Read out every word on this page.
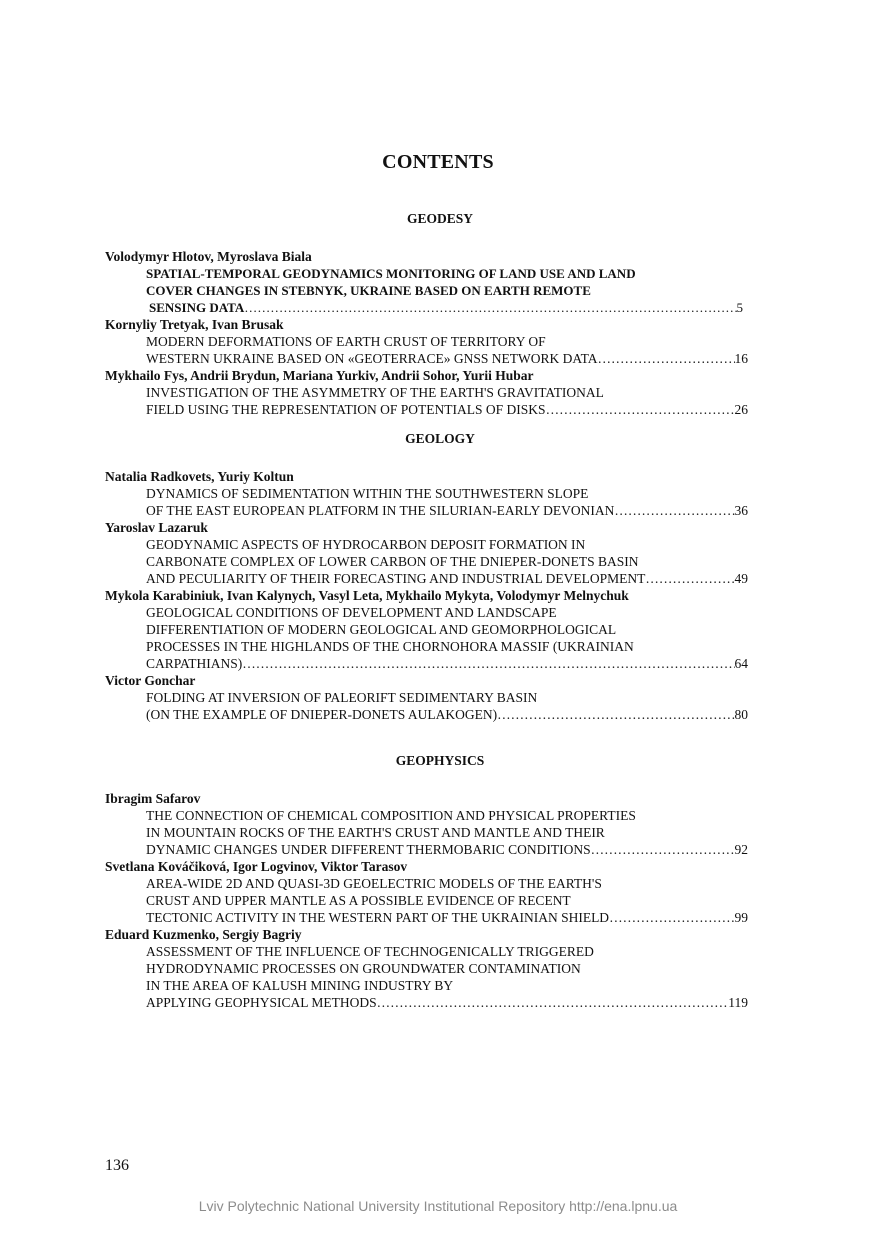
CONTENTS
GEODESY
Volodymyr Hlotov, Myroslava Biala
SPATIAL-TEMPORAL GEODYNAMICS MONITORING OF LAND USE AND LAND
COVER CHANGES IN STEBNYK, UKRAINE BASED ON EARTH REMOTE
SENSING DATA …………………………………………………………………………………………………………………………………………………………………………	5
Kornyliy Tretyak, Ivan Brusak
MODERN DEFORMATIONS OF EARTH CRUST OF TERRITORY OF
WESTERN UKRAINE BASED ON «GEOTERRACE» GNSS NETWORK DATA …………………………………………………………………………………………………………………………………………………………………………	16
Mykhailo Fys, Andrii Brydun, Mariana Yurkiv, Andrii Sohor, Yurii Hubar
INVESTIGATION OF THE ASYMMETRY OF THE EARTH'S GRAVITATIONAL
FIELD USING THE REPRESENTATION OF POTENTIALS OF DISKS …………………………………………………………………………………………………………………………………………………………………………	26
GEOLOGY
Natalia Radkovets, Yuriy Koltun
DYNAMICS OF SEDIMENTATION WITHIN THE SOUTHWESTERN SLOPE
OF THE EAST EUROPEAN PLATFORM IN THE SILURIAN-EARLY DEVONIAN …………………………………………………………………………………………………………………………………………………………………………	36
Yaroslav Lazaruk
GEODYNAMIC ASPECTS OF HYDROCARBON DEPOSIT FORMATION IN
CARBONATE COMPLEX OF LOWER CARBON OF THE DNIEPER-DONETS BASIN
AND PECULIARITY OF THEIR FORECASTING AND INDUSTRIAL DEVELOPMENT …………………………………………………………………………………………………………………………………………………………………………	49
Mykola Karabiniuk, Ivan Kalynych, Vasyl Leta, Mykhailo Mykyta, Volodymyr Melnychuk
GEOLOGICAL CONDITIONS OF DEVELOPMENT AND LANDSCAPE
DIFFERENTIATION OF MODERN GEOLOGICAL AND GEOMORPHOLOGICAL
PROCESSES IN THE HIGHLANDS OF THE CHORNOHORA MASSIF (UKRAINIAN
CARPATHIANS) …………………………………………………………………………………………………………………………………………………………………………	64
Victor Gonchar
FOLDING AT INVERSION OF PALEORIFT SEDIMENTARY BASIN
(ON THE EXAMPLE OF DNIEPER-DONETS AULAKOGEN) …………………………………………………………………………………………………………………………………………………………………………	80
GEOPHYSICS
Ibragim Safarov
THE CONNECTION OF CHEMICAL COMPOSITION AND PHYSICAL PROPERTIES
IN MOUNTAIN ROCKS OF THE EARTH'S CRUST AND MANTLE AND THEIR
DYNAMIC CHANGES UNDER DIFFERENT THERMOBARIC CONDITIONS …………………………………………………………………………………………………………………………………………………………………………	92
Svetlana Kováčiková, Igor Logvinov, Viktor Tarasov
AREA-WIDE 2D AND QUASI-3D GEOELECTRIC MODELS OF THE EARTH'S
CRUST AND UPPER MANTLE AS A POSSIBLE EVIDENCE OF RECENT
TECTONIC ACTIVITY IN THE WESTERN PART OF THE UKRAINIAN SHIELD …………………………………………………………………………………………………………………………………………………………………………	99
Eduard Kuzmenko, Sergiy Bagriy
ASSESSMENT OF THE INFLUENCE OF TECHNOGENICALLY TRIGGERED
HYDRODYNAMIC PROCESSES ON GROUNDWATER CONTAMINATION
IN THE AREA OF KALUSH MINING INDUSTRY BY
APPLYING GEOPHYSICAL METHODS …………………………………………………………………………………………………………………………………………………………………………	119
136
Lviv Polytechnic National University Institutional Repository http://ena.lpnu.ua
